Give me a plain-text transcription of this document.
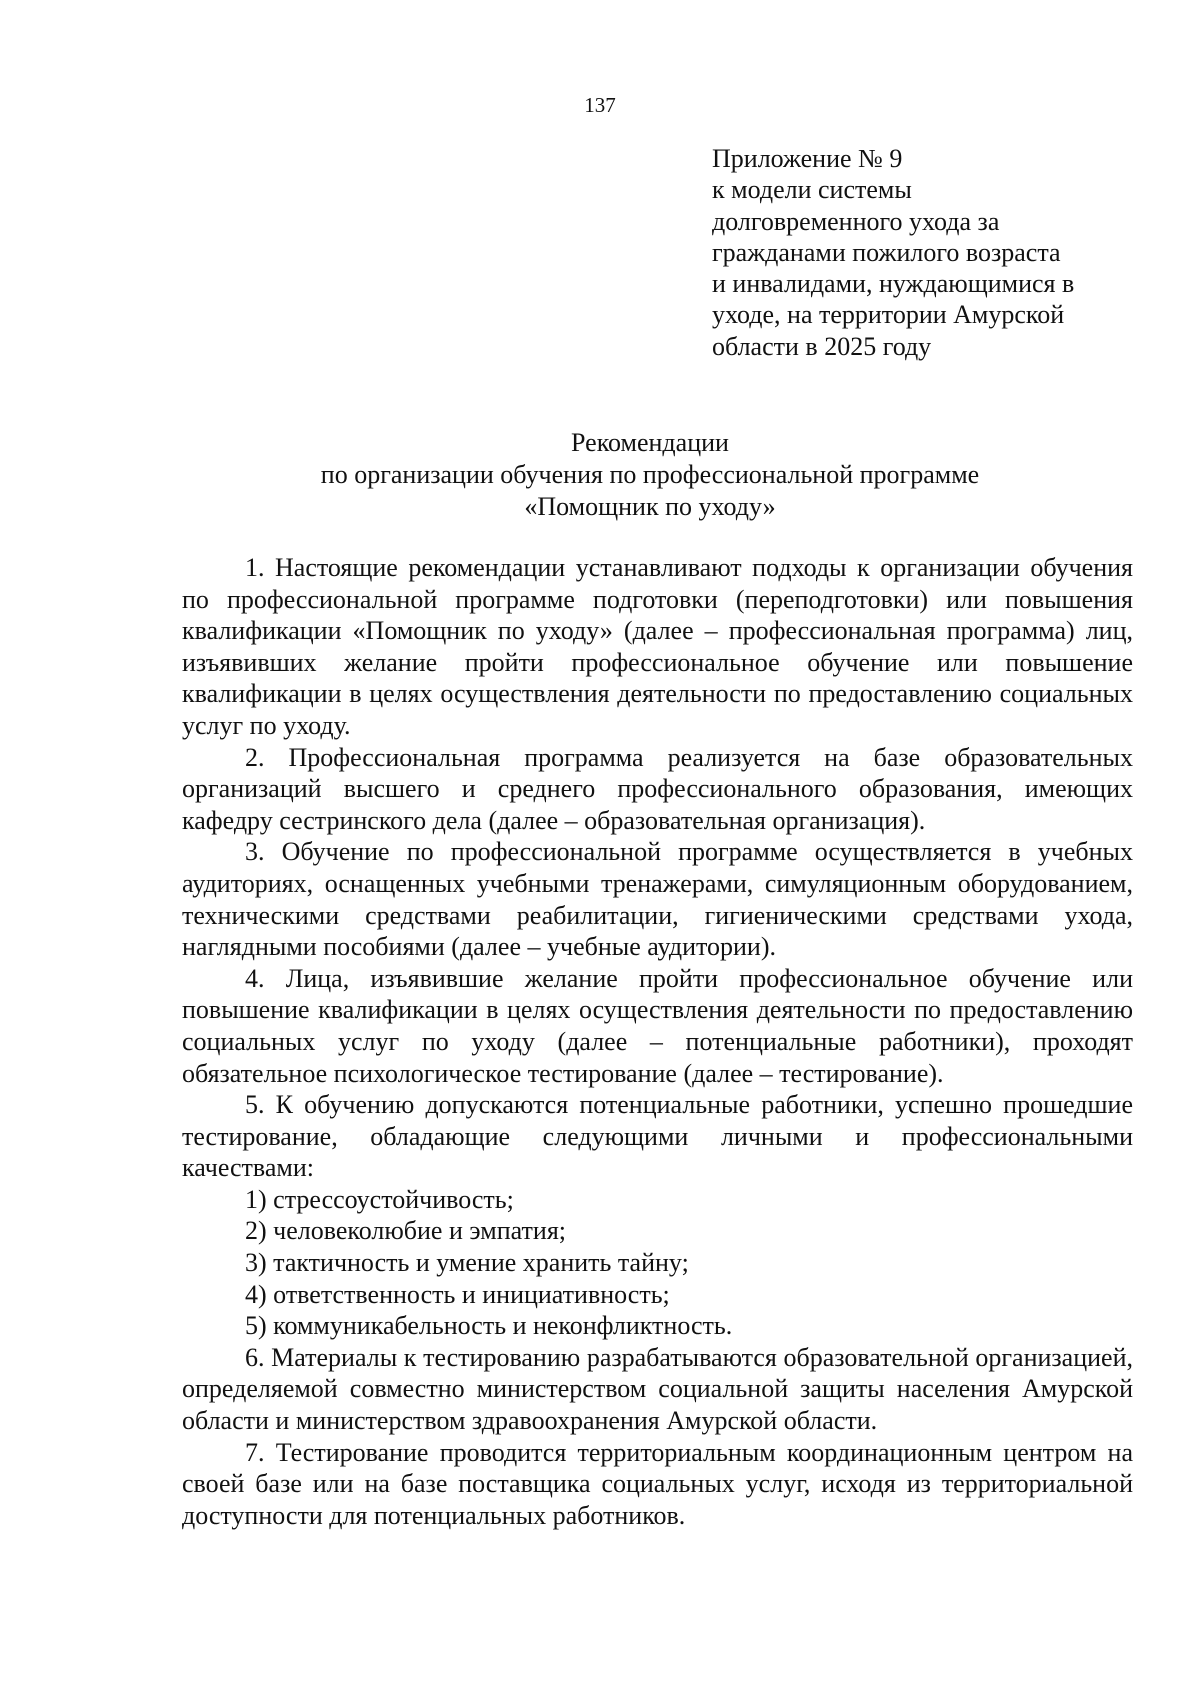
137
Приложение № 9
к модели системы
долговременного ухода за
гражданами пожилого возраста
и инвалидами, нуждающимися в
уходе, на территории Амурской
области в 2025 году
Рекомендации
по организации обучения по профессиональной программе
«Помощник по уходу»

1. Настоящие рекомендации устанавливают подходы к организации обучения по профессиональной программе подготовки (переподготовки) или повышения квалификации «Помощник по уходу» (далее – профессиональная программа) лиц, изъявивших желание пройти профессиональное обучение или повышение квалификации в целях осуществления деятельности по предоставлению социальных услуг по уходу.

2. Профессиональная программа реализуется на базе образовательных организаций высшего и среднего профессионального образования, имеющих кафедру сестринского дела (далее – образовательная организация).

3. Обучение по профессиональной программе осуществляется в учебных аудиториях, оснащенных учебными тренажерами, симуляционным оборудованием, техническими средствами реабилитации, гигиеническими средствами ухода, наглядными пособиями (далее – учебные аудитории).

4. Лица, изъявившие желание пройти профессиональное обучение или повышение квалификации в целях осуществления деятельности по предоставлению социальных услуг по уходу (далее – потенциальные работники), проходят обязательное психологическое тестирование (далее – тестирование).

5. К обучению допускаются потенциальные работники, успешно прошедшие тестирование, обладающие следующими личными и профессиональными качествами:

1) стрессоустойчивость;

2) человеколюбие и эмпатия;

3) тактичность и умение хранить тайну;

4) ответственность и инициативность;

5) коммуникабельность и неконфликтность.

6. Материалы к тестированию разрабатываются образовательной организацией, определяемой совместно министерством социальной защиты населения Амурской области и министерством здравоохранения Амурской области.

7. Тестирование проводится территориальным координационным центром на своей базе или на базе поставщика социальных услуг, исходя из территориальной доступности для потенциальных работников.
